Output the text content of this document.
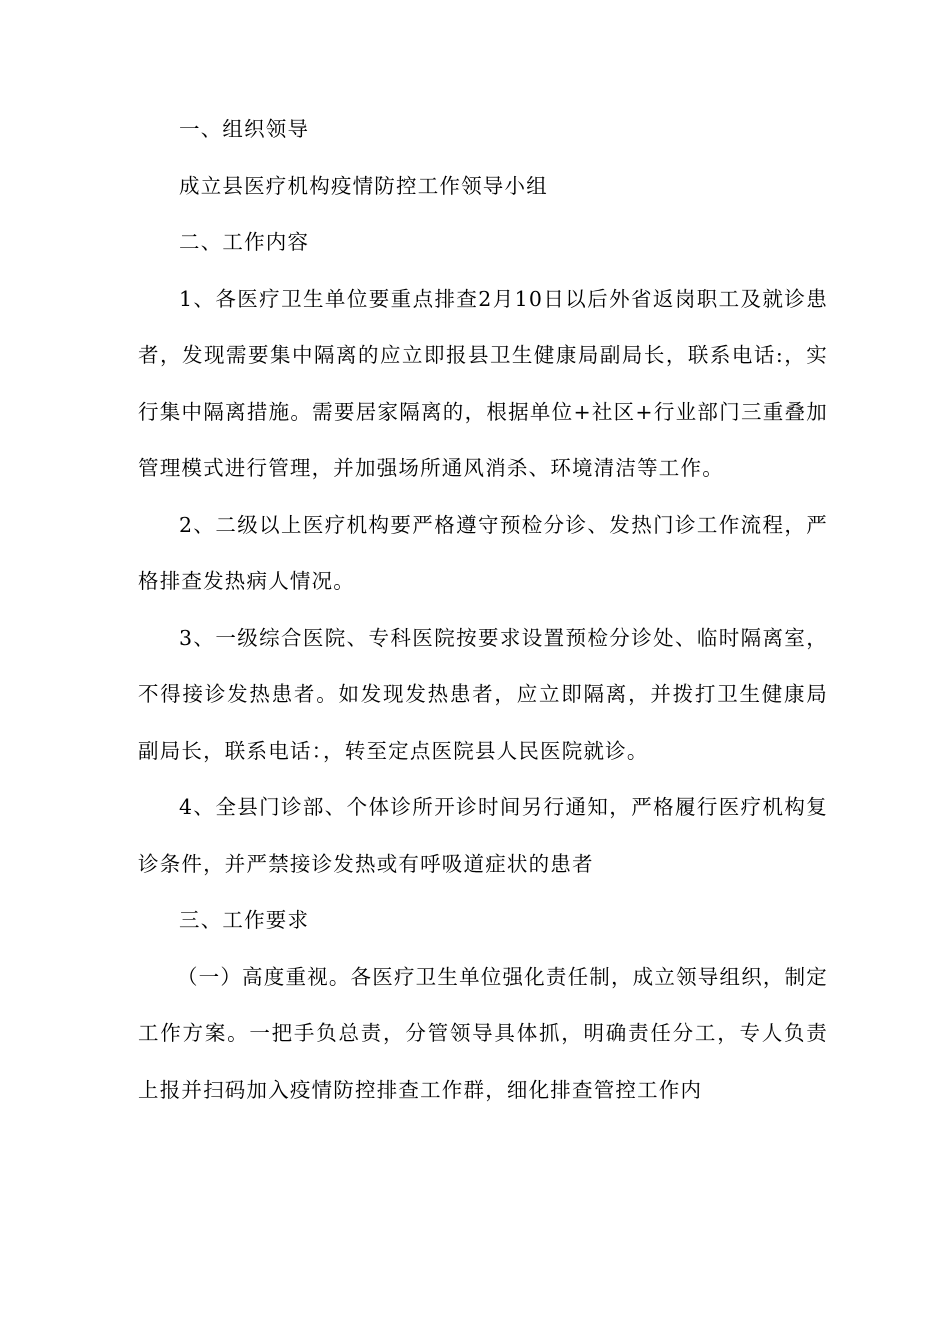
一、组织领导

成立县医疗机构疫情防控工作领导小组

二、工作内容

1、各医疗卫生单位要重点排查2月10日以后外省返岗职工及就诊患者，发现需要集中隔离的应立即报县卫生健康局副局长，联系电话:，实行集中隔离措施。需要居家隔离的，根据单位+社区+行业部门三重叠加管理模式进行管理，并加强场所通风消杀、环境清洁等工作。

2、二级以上医疗机构要严格遵守预检分诊、发热门诊工作流程，严格排查发热病人情况。

3、一级综合医院、专科医院按要求设置预检分诊处、临时隔离室，不得接诊发热患者。如发现发热患者，应立即隔离，并拨打卫生健康局副局长，联系电话：，转至定点医院县人民医院就诊。

4、全县门诊部、个体诊所开诊时间另行通知，严格履行医疗机构复诊条件，并严禁接诊发热或有呼吸道症状的患者

三、工作要求

（一）高度重视。各医疗卫生单位强化责任制，成立领导组织，制定工作方案。一把手负总责，分管领导具体抓，明确责任分工，专人负责上报并扫码加入疫情防控排查工作群，细化排查管控工作内
